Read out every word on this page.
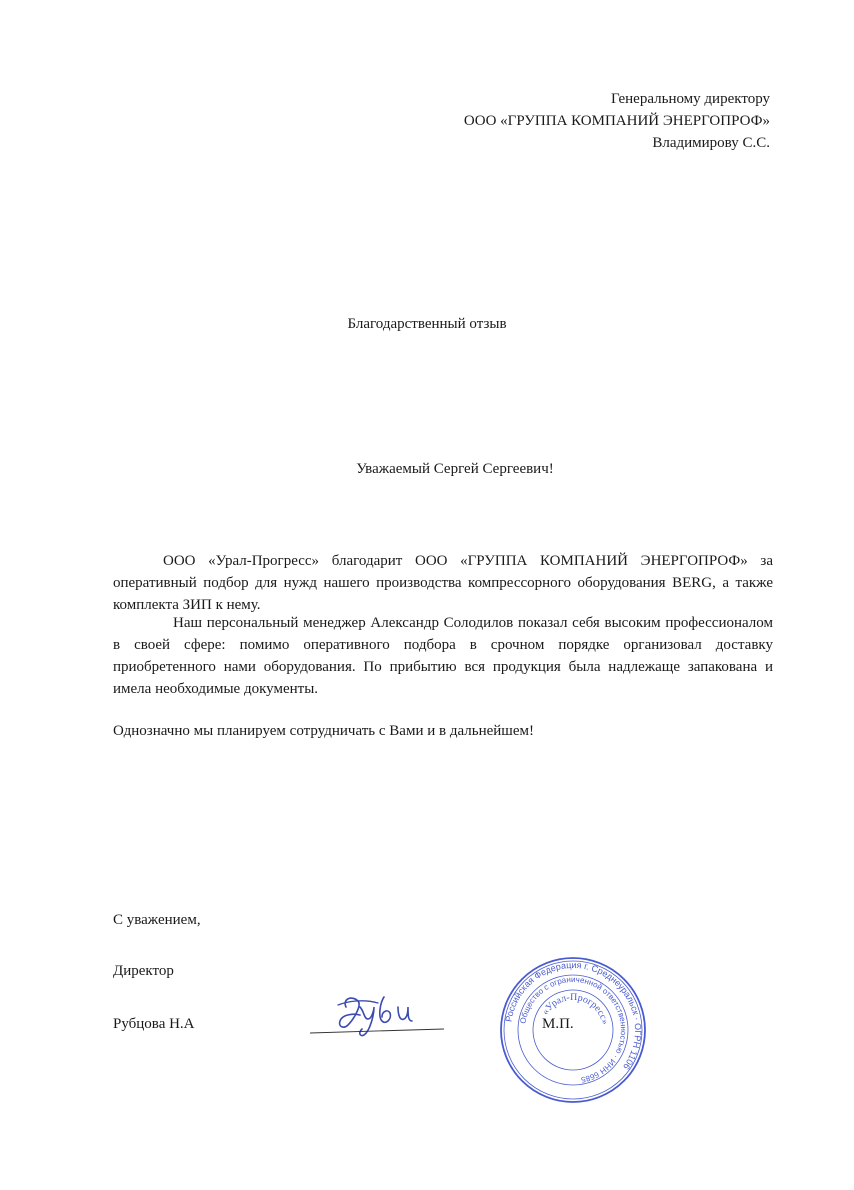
Генеральному директору
ООО «ГРУППА КОМПАНИЙ ЭНЕРГОПРОФ»
Владимирову С.С.
Благодарственный отзыв
Уважаемый Сергей Сергеевич!
ООО «Урал-Прогресс» благодарит ООО «ГРУППА КОМПАНИЙ ЭНЕРГОПРОФ» за оперативный подбор для нужд нашего производства компрессорного оборудования BERG, а также комплекта ЗИП к нему.
Наш персональный менеджер Александр Солодилов показал себя высоким профессионалом в своей сфере: помимо оперативного подбора в срочном порядке организовал доставку приобретенного нами оборудования. По прибытию вся продукция была надлежаще запакована и имела необходимые документы.
Однозначно мы планируем сотрудничать с Вами и в дальнейшем!
С уважением,
Директор
Рубцова Н.А	М.П.
Российская Федерация г. Среднеуральск · ОГРН 1106
Общество с ограниченной ответственностью · ИНН 6685
«Урал-Прогресс»
